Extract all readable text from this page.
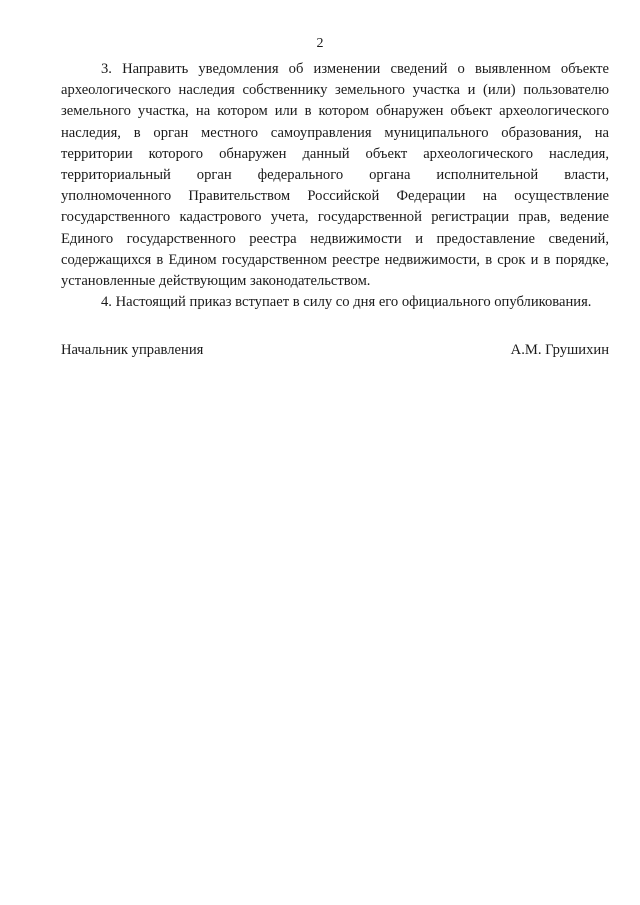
2

3. Направить уведомления об изменении сведений о выявленном объекте археологического наследия собственнику земельного участка и (или) пользователю земельного участка, на котором или в котором обнаружен объект археологического наследия, в орган местного самоуправления муниципального образования, на территории которого обнаружен данный объект археологического наследия, территориальный орган федерального органа исполнительной власти, уполномоченного Правительством Российской Федерации на осуществление государственного кадастрового учета, государственной регистрации прав, ведение Единого государственного реестра недвижимости и предоставление сведений, содержащихся в Едином государственном реестре недвижимости, в срок и в порядке, установленные действующим законодательством.

4. Настоящий приказ вступает в силу со дня его официального опубликования.

Начальник управления	А.М. Грушихин
